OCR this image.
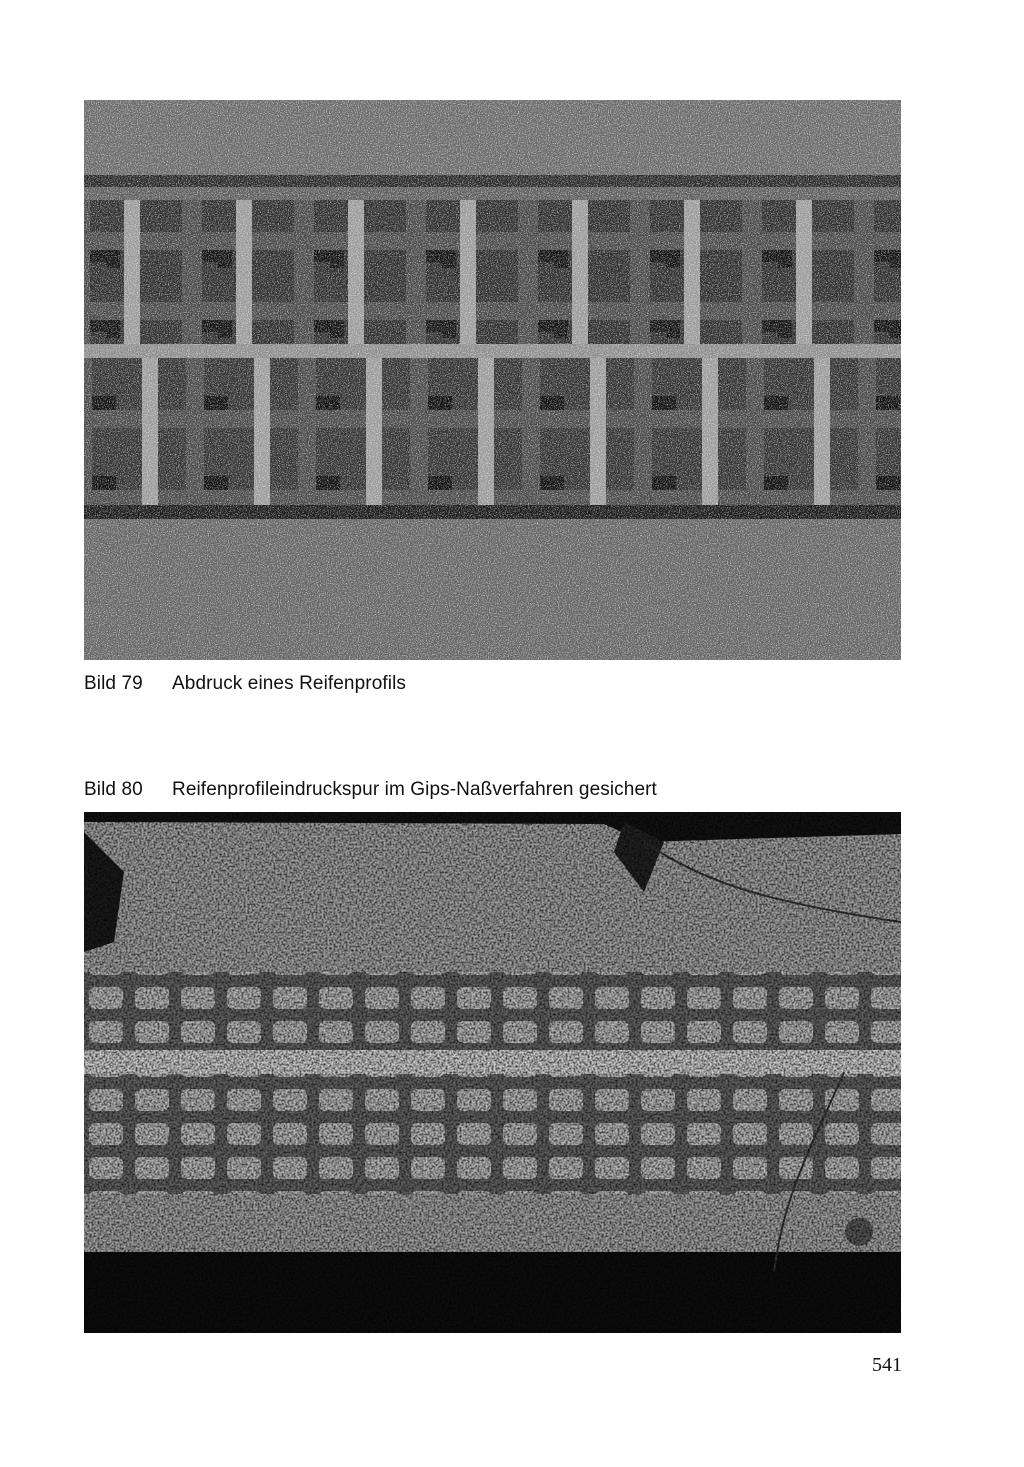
Bild 79 Abdruck eines Reifenprofils
Bild 80 Reifenprofileindruckspur im Gips-Naßverfahren gesichert
541
